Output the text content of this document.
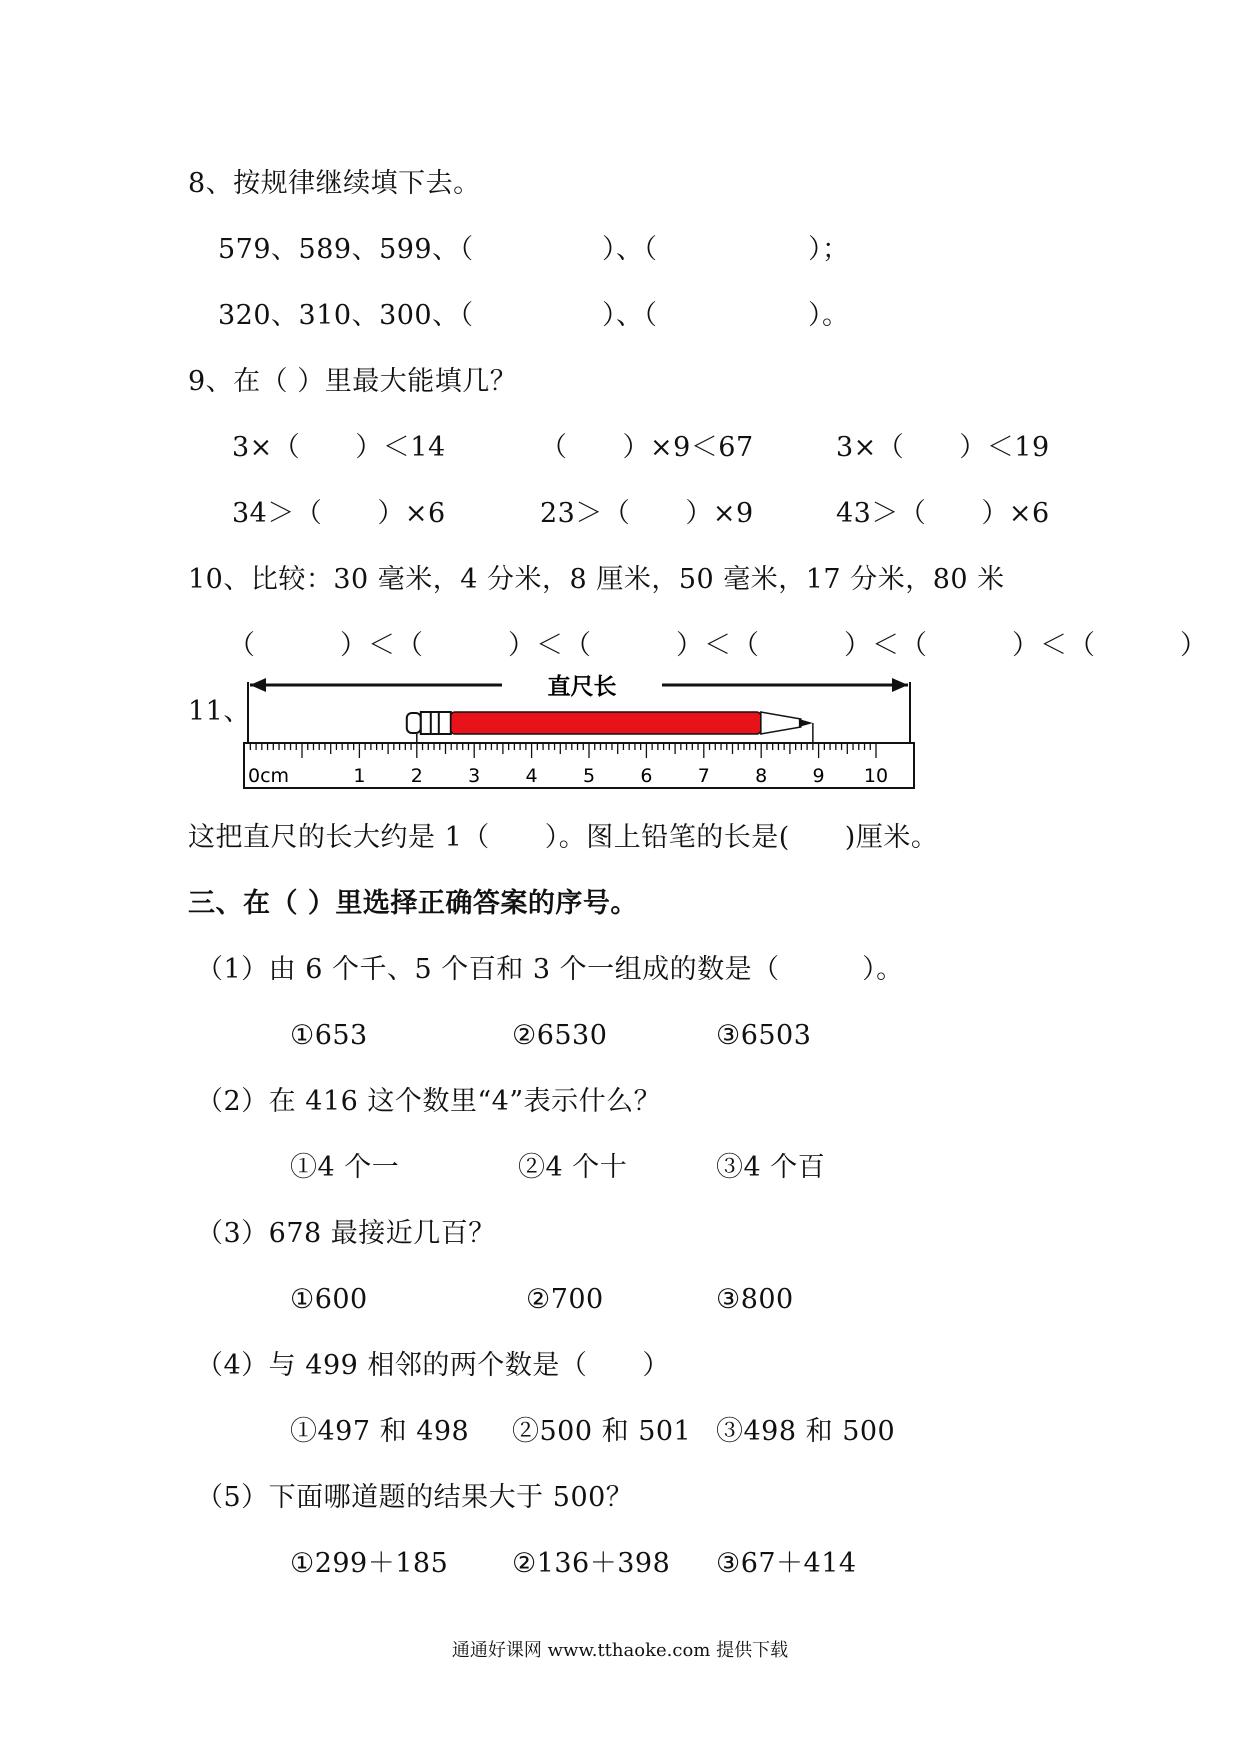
8、按规律继续填下去。
579、589、599、（	）、（	）；
320、310、300、（	）、（	）。
9、在（ ）里最大能填几？
3×（　　）＜14	（　　）×9＜67	3×（　　）＜19
34＞（　　）×6	23＞（　　）×9	43＞（　　）×6
10、比较：30 毫米，4 分米，8 厘米，50 毫米，17 分米，80 米
（　　　）＜（　　　）＜（　　　）＜（　　　）＜（　　　）＜（　　　）
11、
直尺长
0cm	1 2 3 4 5 6 7 8 9 10
这把直尺的长大约是 1（　　）。图上铅笔的长是(　　)厘米。
三、在（ ）里选择正确答案的序号。
（1）由 6 个千、5 个百和 3 个一组成的数是（　　　）。
①653	②6530	③6503
（2）在 416 这个数里“4”表示什么？
①4 个一	②4 个十	③4 个百
（3）678 最接近几百？
①600	②700	③800
（4）与 499 相邻的两个数是（　　）
①497 和 498 ②500 和 501 ③498 和 500
（5）下面哪道题的结果大于 500？
①299＋185 ②136＋398 ③67＋414
通通好课网 www.tthaoke.com 提供下载
